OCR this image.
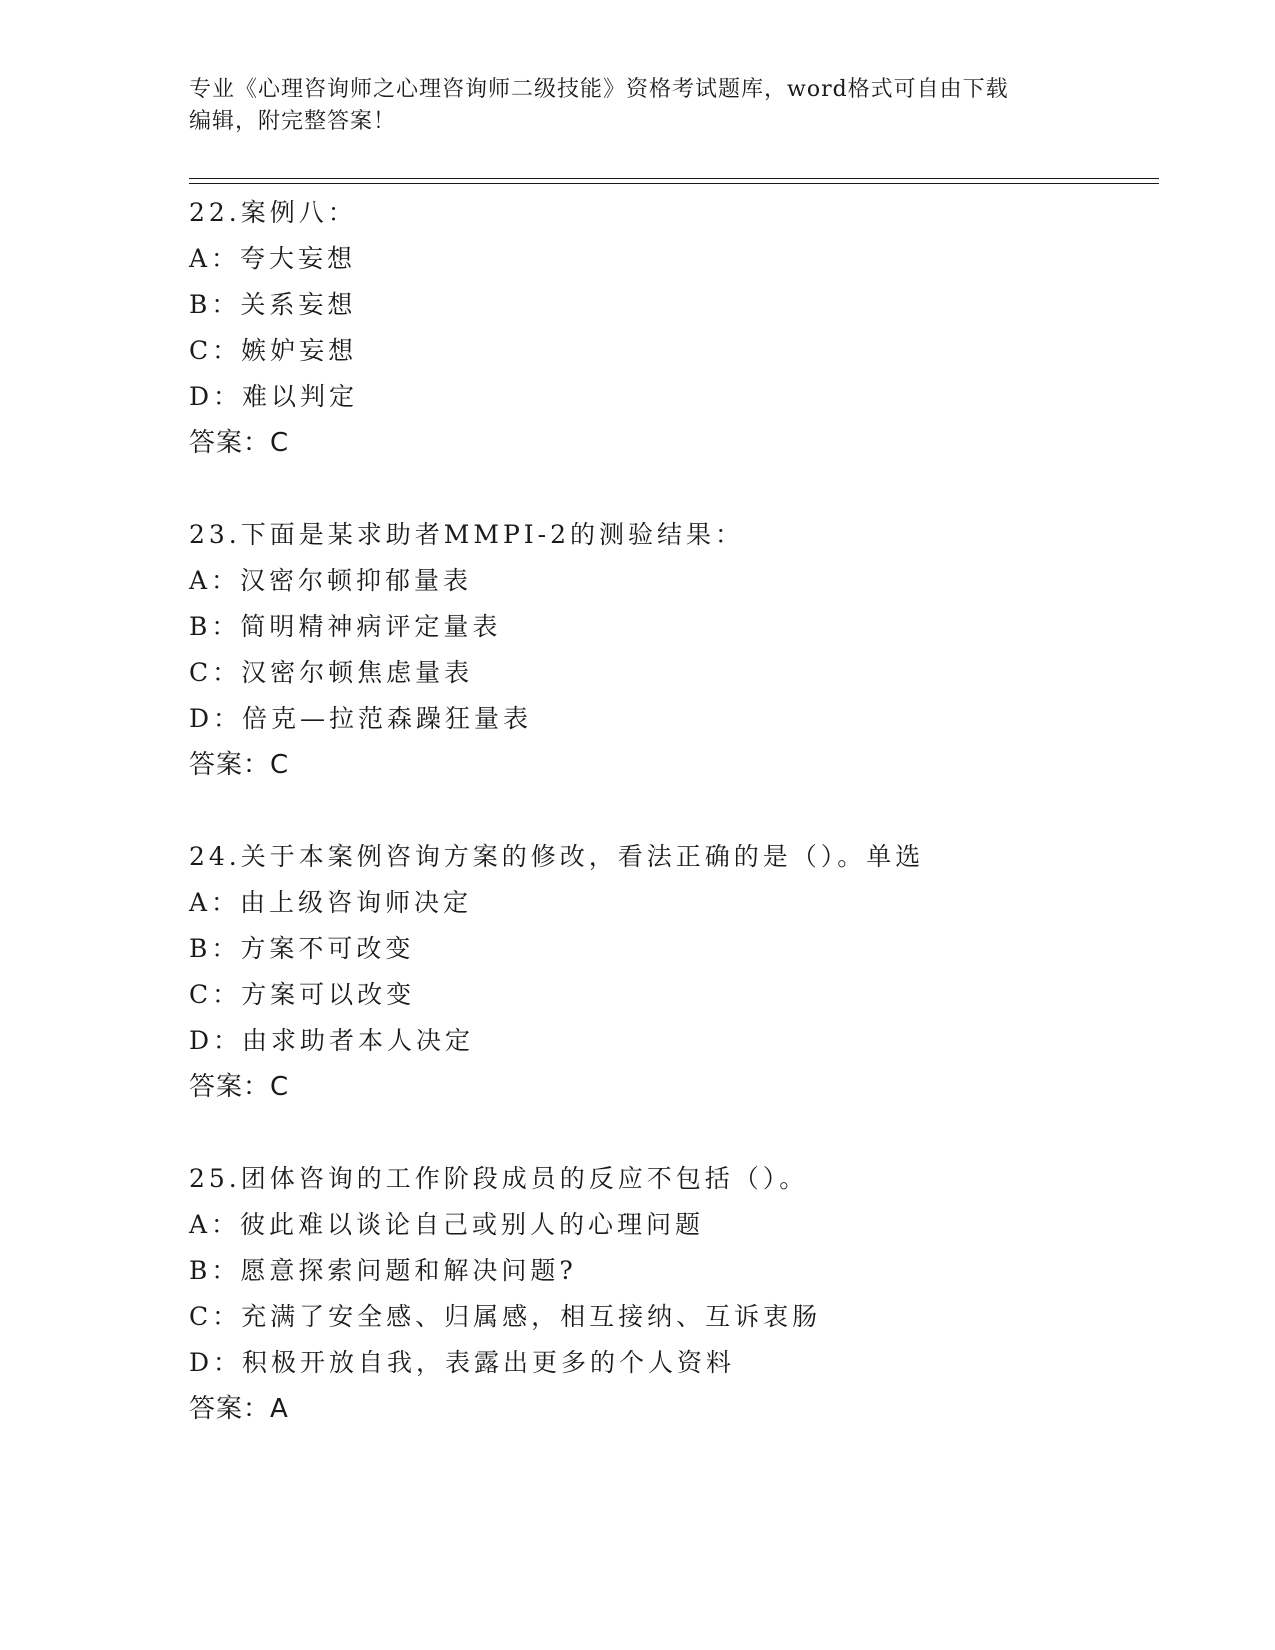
专业《心理咨询师之心理咨询师二级技能》资格考试题库，word格式可自由下载
编辑，附完整答案！
22.案例八：
A：夸大妄想
B：关系妄想
C：嫉妒妄想
D：难以判定
答案：C
23.下面是某求助者MMPI-2的测验结果：
A：汉密尔顿抑郁量表
B：简明精神病评定量表
C：汉密尔顿焦虑量表
D：倍克—拉范森躁狂量表
答案：C
24.关于本案例咨询方案的修改，看法正确的是（）。单选
A：由上级咨询师决定
B：方案不可改变
C：方案可以改变
D：由求助者本人决定
答案：C
25.团体咨询的工作阶段成员的反应不包括（）。
A：彼此难以谈论自己或别人的心理问题
B：愿意探索问题和解决问题?
C：充满了安全感、归属感，相互接纳、互诉衷肠
D：积极开放自我，表露出更多的个人资料
答案：A
